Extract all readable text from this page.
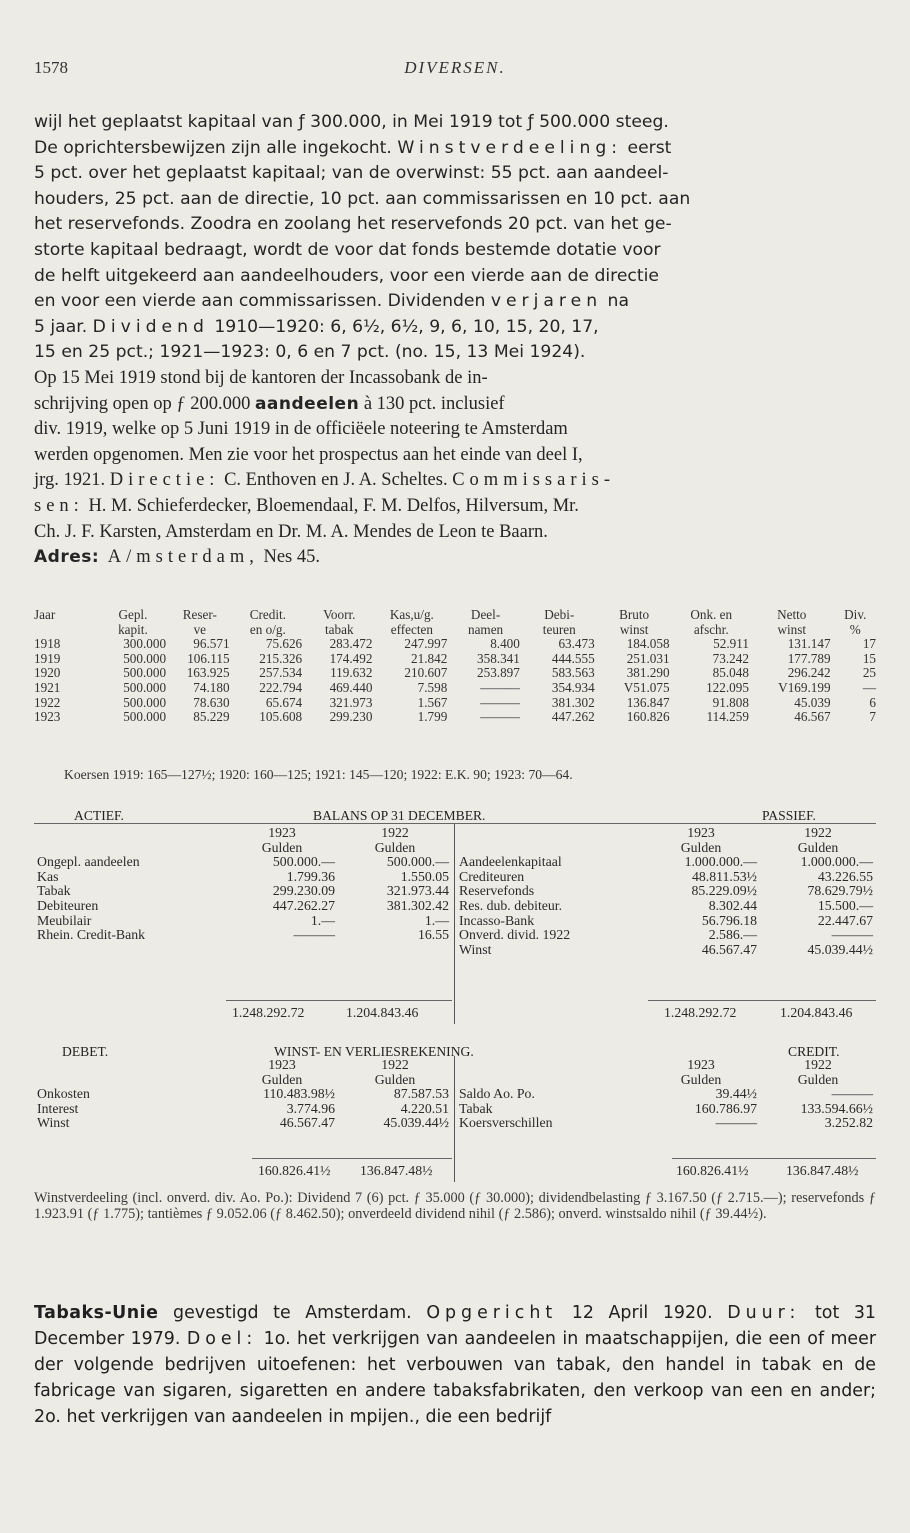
1578	DIVERSEN.
wijl het geplaatst kapitaal van ƒ 300.000, in Mei 1919 tot ƒ 500.000 steeg.
De oprichtersbewijzen zijn alle ingekocht. Winstverdeeling: eerst
5 pct. over het geplaatst kapitaal; van de overwinst: 55 pct. aan aandeel-
houders, 25 pct. aan de directie, 10 pct. aan commissarissen en 10 pct. aan
het reservefonds. Zoodra en zoolang het reservefonds 20 pct. van het ge-
storte kapitaal bedraagt, wordt de voor dat fonds bestemde dotatie voor
de helft uitgekeerd aan aandeelhouders, voor een vierde aan de directie
en voor een vierde aan commissarissen. Dividenden verjaren na
5 jaar. Dividend 1910—1920: 6, 6½, 6½, 9, 6, 10, 15, 20, 17,
15 en 25 pct.; 1921—1923: 0, 6 en 7 pct. (no. 15, 13 Mei 1924).
Op 15 Mei 1919 stond bij de kantoren der Incassobank de in-
schrijving open op ƒ 200.000 aandeelen à 130 pct. inclusief
div. 1919, welke op 5 Juni 1919 in de officiëele noteering te Amsterdam
werden opgenomen. Men zie voor het prospectus aan het einde van deel I,
jrg. 1921. Directie: C. Enthoven en J. A. Scheltes. Commissaris-
sen: H. M. Schieferdecker, Bloemendaal, F. M. Delfos, Hilversum, Mr.
Ch. J. F. Karsten, Amsterdam en Dr. M. A. Mendes de Leon te Baarn.
Adres: A/msterdam, Nes 45.
Jaar	Gepl.	Reser-	Credit.	Voorr.	Kas,u/g.	Deel-	Debi-	Bruto	Onk. en	Netto	Div.
	kapit.	ve	en o/g.	tabak	effecten	namen	teuren	winst	afschr.	winst	%
1918	300.000	96.571	75.626	283.472	247.997	8.400	63.473	184.058	52.911	131.147	17
1919	500.000	106.115	215.326	174.492	21.842	358.341	444.555	251.031	73.242	177.789	15
1920	500.000	163.925	257.534	119.632	210.607	253.897	583.563	381.290	85.048	296.242	25
1921	500.000	74.180	222.794	469.440	7.598	———	354.934	V51.075	122.095	V169.199	—
1922	500.000	78.630	65.674	321.973	1.567	———	381.302	136.847	91.808	45.039	6
1923	500.000	85.229	105.608	299.230	1.799	———	447.262	160.826	114.259	46.567	7
Koersen 1919: 165—127½; 1920: 160—125; 1921: 145—120; 1922: E.K. 90; 1923: 70—64.
ACTIEF.	BALANS OP 31 DECEMBER.	PASSIEF.
	1923	1922
	Gulden	Gulden
Ongepl. aandeelen	500.000.—	500.000.—
Kas	1.799.36	1.550.05
Tabak	299.230.09	321.973.44
Debiteuren	447.262.27	381.302.42
Meubilair	1.—	1.—
Rhein. Credit-Bank	———	16.55
	1923	1922
	Gulden	Gulden
Aandeelenkapitaal	1.000.000.—	1.000.000.—
Crediteuren	48.811.53½	43.226.55
Reservefonds	85.229.09½	78.629.79½
Res. dub. debiteur.	8.302.44	15.500.—
Incasso-Bank	56.796.18	22.447.67
Onverd. divid. 1922	2.586.—	———
Winst	46.567.47	45.039.44½
1.248.292.72	1.204.843.46	1.248.292.72	1.204.843.46
DEBET.	WINST- EN VERLIESREKENING.	CREDIT.
	1923	1922
	Gulden	Gulden
Onkosten	110.483.98½	87.587.53
Interest	3.774.96	4.220.51
Winst	46.567.47	45.039.44½
	1923	1922
	Gulden	Gulden
Saldo Ao. Po.	39.44½	———
Tabak	160.786.97	133.594.66½
Koersverschillen	———	3.252.82
160.826.41½ 136.847.48½	160.826.41½	136.847.48½
Winstverdeeling (incl. onverd. div. Ao. Po.): Dividend 7 (6) pct. ƒ 35.000 (ƒ 30.000); dividendbelasting ƒ 3.167.50 (ƒ 2.715.—); reservefonds ƒ 1.923.91 (ƒ 1.775); tantièmes ƒ 9.052.06 (ƒ 8.462.50); onverdeeld dividend nihil (ƒ 2.586); onverd. winstsaldo nihil (ƒ 39.44½).
Tabaks-Unie gevestigd te Amsterdam. Opgericht 12 April 1920. Duur: tot 31 December 1979. Doel: 1o. het verkrijgen van aandeelen in maatschappijen, die een of meer der volgende bedrijven uitoefenen: het verbouwen van tabak, den handel in tabak en de fabricage van sigaren, sigaretten en andere tabaksfabrikaten, den verkoop van een en ander; 2o. het verkrijgen van aandeelen in mpijen., die een bedrijf
